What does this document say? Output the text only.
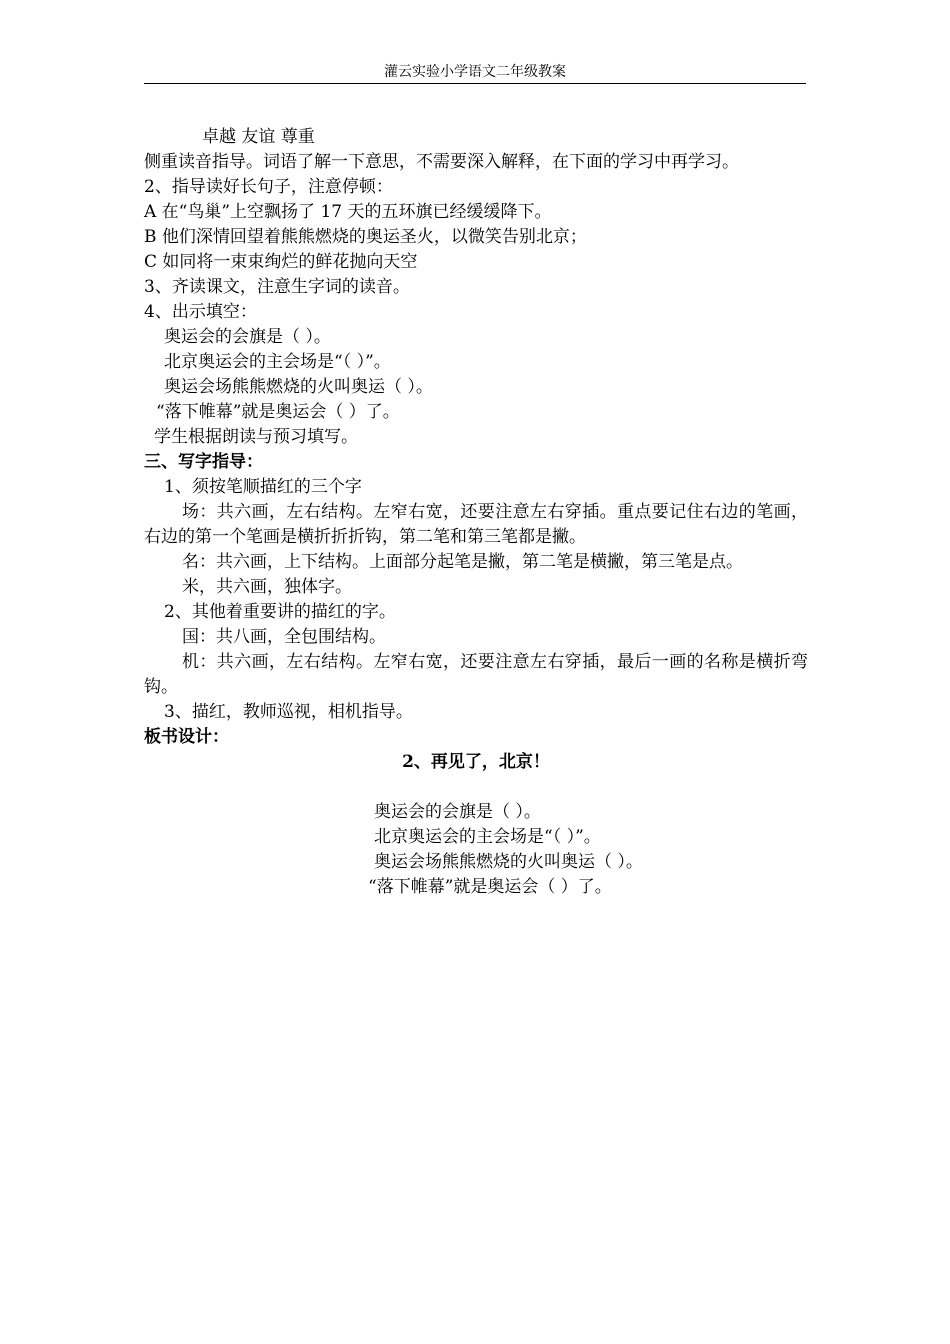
灌云实验小学语文二年级教案
卓越 友谊 尊重
侧重读音指导。词语了解一下意思，不需要深入解释，在下面的学习中再学习。
2、指导读好长句子，注意停顿：
A 在“鸟巢”上空飘扬了 17 天的五环旗已经缓缓降下。
B 他们深情回望着熊熊燃烧的奥运圣火，以微笑告别北京；
C 如同将一束束绚烂的鲜花抛向天空
3、齐读课文，注意生字词的读音。
4、出示填空：
奥运会的会旗是（ ）。
北京奥运会的主会场是“（ ）”。
奥运会场熊熊燃烧的火叫奥运（ ）。
“落下帷幕”就是奥运会（ ）了。
学生根据朗读与预习填写。
三、写字指导：
1、须按笔顺描红的三个字
场：共六画，左右结构。左窄右宽，还要注意左右穿插。重点要记住右边的笔画，右边的第一个笔画是横折折折钩，第二笔和第三笔都是撇。
名：共六画，上下结构。上面部分起笔是撇，第二笔是横撇，第三笔是点。
米，共六画，独体字。
2、其他着重要讲的描红的字。
国：共八画，全包围结构。
机：共六画，左右结构。左窄右宽，还要注意左右穿插，最后一画的名称是横折弯钩。
3、描红，教师巡视，相机指导。
板书设计：
2、再见了，北京！
奥运会的会旗是（ ）。
北京奥运会的主会场是“（ ）”。
奥运会场熊熊燃烧的火叫奥运（ ）。
“落下帷幕”就是奥运会（ ）了。
